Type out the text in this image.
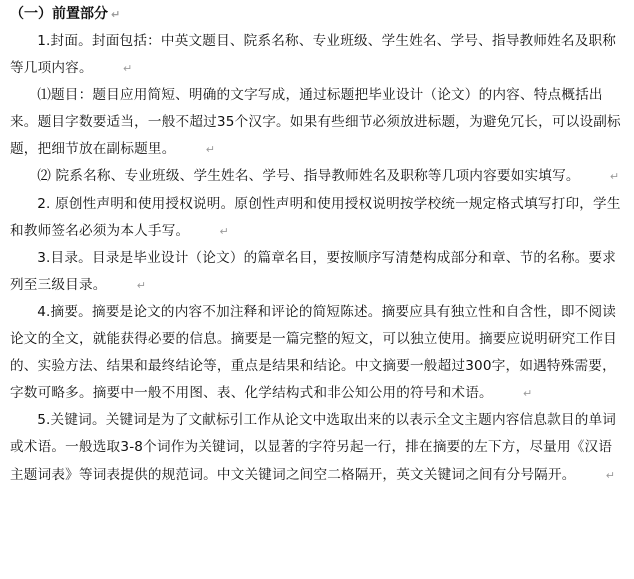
（一）前置部分 ↵

1.封面。封面包括：中英文题目、院系名称、专业班级、学生姓名、学号、指导教师姓名及职称等几项内容。	↵

⑴题目：题目应用简短、明确的文字写成，通过标题把毕业设计（论文）的内容、特点概括出来。题目字数要适当，一般不超过35个汉字。如果有些细节必须放进标题，为避免冗长，可以设副标题，把细节放在副标题里。	↵

⑵ 院系名称、专业班级、学生姓名、学号、指导教师姓名及职称等几项内容要如实填写。	↵

2. 原创性声明和使用授权说明。原创性声明和使用授权说明按学校统一规定格式填写打印，学生和教师签名必须为本人手写。	↵

3.目录。目录是毕业设计（论文）的篇章名目，要按顺序写清楚构成部分和章、节的名称。要求列至三级目录。	↵

4.摘要。摘要是论文的内容不加注释和评论的简短陈述。摘要应具有独立性和自含性，即不阅读论文的全文，就能获得必要的信息。摘要是一篇完整的短文，可以独立使用。摘要应说明研究工作目的、实验方法、结果和最终结论等，重点是结果和结论。中文摘要一般超过300字，如遇特殊需要，字数可略多。摘要中一般不用图、表、化学结构式和非公知公用的符号和术语。	↵

5.关键词。关键词是为了文献标引工作从论文中选取出来的以表示全文主题内容信息款目的单词或术语。一般选取3-8个词作为关键词，以显著的字符另起一行，排在摘要的左下方，尽量用《汉语主题词表》等词表提供的规范词。中文关键词之间空二格隔开，英文关键词之间有分号隔开。	↵
